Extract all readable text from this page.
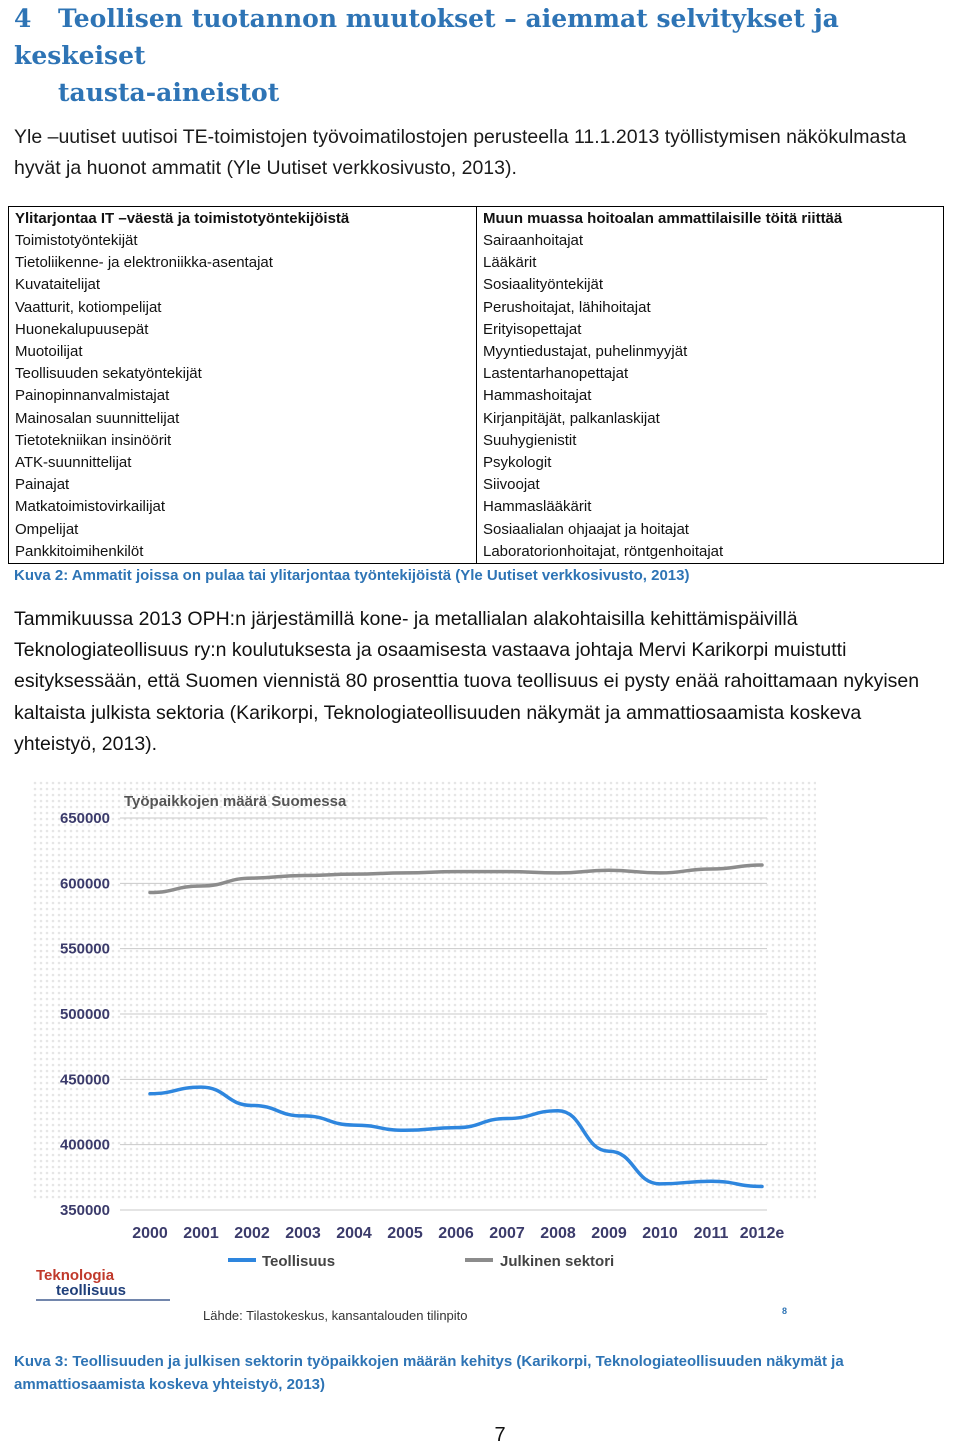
4 Teollisen tuotannon muutokset – aiemmat selvitykset ja keskeiset
tausta-aineistot
Yle –uutiset uutisoi TE-toimistojen työvoimatilostojen perusteella 11.1.2013 työllistymisen näkökulmasta
hyvät ja huonot ammatit (Yle Uutiset verkkosivusto, 2013).
Ylitarjontaa IT –väestä ja toimistotyöntekijöistä	Muun muassa hoitoalan ammattilaisille töitä riittää
Toimistotyöntekijät	Sairaanhoitajat
Tietoliikenne- ja elektroniikka-asentajat	Lääkärit
Kuvataitelijat	Sosiaalityöntekijät
Vaatturit, kotiompelijat	Perushoitajat, lähihoitajat
Huonekalupuusepät	Erityisopettajat
Muotoilijat	Myyntiedustajat, puhelinmyyjät
Teollisuuden sekatyöntekijät	Lastentarhanopettajat
Painopinnanvalmistajat	Hammashoitajat
Mainosalan suunnittelijat	Kirjanpitäjät, palkanlaskijat
Tietotekniikan insinöörit	Suuhygienistit
ATK-suunnittelijat	Psykologit
Painajat	Siivoojat
Matkatoimistovirkailijat	Hammaslääkärit
Ompelijat	Sosiaalialan ohjaajat ja hoitajat
Pankkitoimihenkilöt	Laboratorionhoitajat, röntgenhoitajat
Kuva 2: Ammatit joissa on pulaa tai ylitarjontaa työntekijöistä (Yle Uutiset verkkosivusto, 2013)
Tammikuussa 2013 OPH:n järjestämillä kone- ja metallialan alakohtaisilla kehittämispäivillä
Teknologiateollisuus ry:n koulutuksesta ja osaamisesta vastaava johtaja Mervi Karikorpi muistutti
esityksessään, että Suomen viennistä 80 prosenttia tuova teollisuus ei pysty enää rahoittamaan nykyisen
kaltaista julkista sektoria (Karikorpi, Teknologiateollisuuden näkymät ja ammattiosaamista koskeva
yhteistyö, 2013).
Työpaikkojen määrä Suomessa
350000
400000
450000
500000
550000
600000
650000
2000 2001 2002 2003 2004 2005 2006 2007 2008 2009 2010 2011 2012e
Teollisuus	Julkinen sektori
Teknologia
teollisuus
Lähde: Tilastokeskus, kansantalouden tilinpito	8
Kuva 3: Teollisuuden ja julkisen sektorin työpaikkojen määrän kehitys (Karikorpi, Teknologiateollisuuden näkymät ja
ammattiosaamista koskeva yhteistyö, 2013)
7
